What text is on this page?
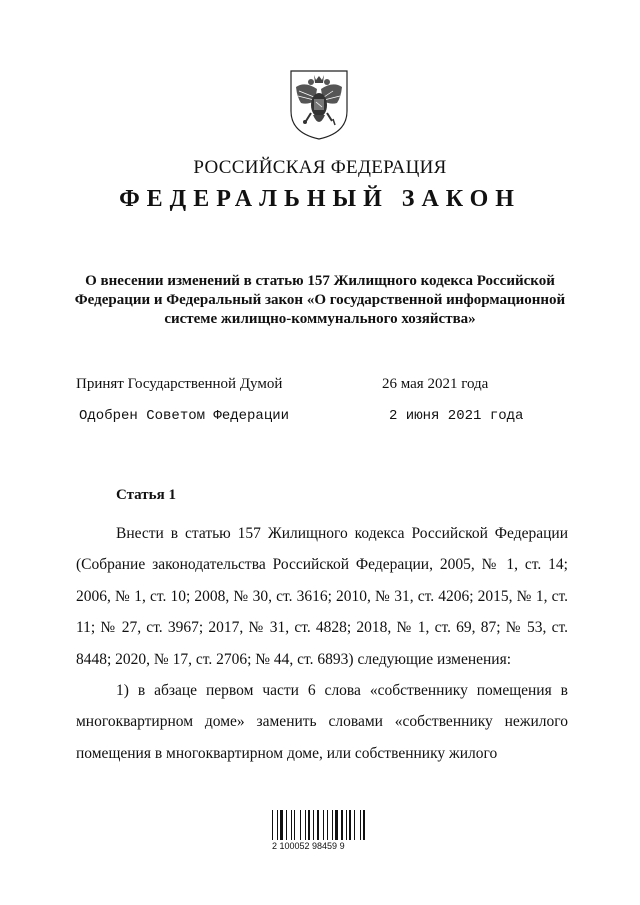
РОССИЙСКАЯ ФЕДЕРАЦИЯ
ФЕДЕРАЛЬНЫЙ ЗАКОН
О внесении изменений в статью 157 Жилищного кодекса Российской Федерации и Федеральный закон «О государственной информационной системе жилищно-коммунального хозяйства»
Принят Государственной Думой	26 мая 2021 года
Одобрен Советом Федерации	2 июня 2021 года
Статья 1

Внести в статью 157 Жилищного кодекса Российской Федерации (Собрание законодательства Российской Федерации, 2005, № 1, ст. 14; 2006, № 1, ст. 10; 2008, № 30, ст. 3616; 2010, № 31, ст. 4206; 2015, № 1, ст. 11; № 27, ст. 3967; 2017, № 31, ст. 4828; 2018, № 1, ст. 69, 87; № 53, ст. 8448; 2020, № 17, ст. 2706; № 44, ст. 6893) следующие изменения:

1) в абзаце первом части 6 слова «собственнику помещения в многоквартирном доме» заменить словами «собственнику нежилого помещения в многоквартирном доме, или собственнику жилого

2 100052 98459 9
